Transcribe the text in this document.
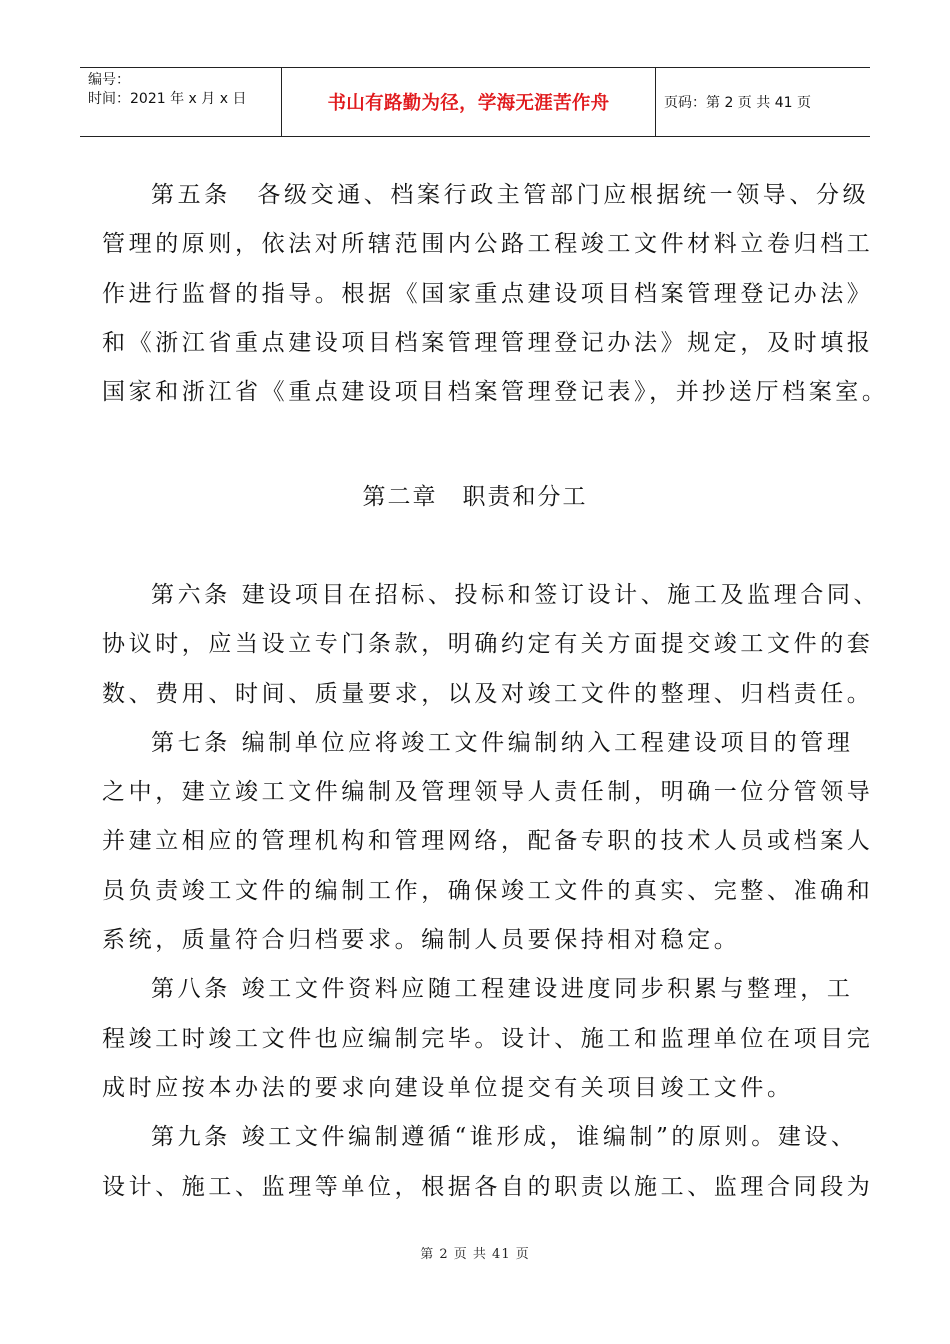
编号：
时间：2021 年 x 月 x 日	书山有路勤为径，学海无涯苦作舟	页码：第 2 页 共 41 页
第五条　各级交通、档案行政主管部门应根据统一领导、分级
管理的原则，依法对所辖范围内公路工程竣工文件材料立卷归档工
作进行监督的指导。根据《国家重点建设项目档案管理登记办法》
和《浙江省重点建设项目档案管理管理登记办法》规定，及时填报
国家和浙江省《重点建设项目档案管理登记表》，并抄送厅档案室。
第二章　职责和分工
第六条 建设项目在招标、投标和签订设计、施工及监理合同、
协议时，应当设立专门条款，明确约定有关方面提交竣工文件的套
数、费用、时间、质量要求，以及对竣工文件的整理、归档责任。
第七条 编制单位应将竣工文件编制纳入工程建设项目的管理
之中，建立竣工文件编制及管理领导人责任制，明确一位分管领导
并建立相应的管理机构和管理网络，配备专职的技术人员或档案人
员负责竣工文件的编制工作，确保竣工文件的真实、完整、准确和
系统，质量符合归档要求。编制人员要保持相对稳定。
第八条 竣工文件资料应随工程建设进度同步积累与整理，工
程竣工时竣工文件也应编制完毕。设计、施工和监理单位在项目完
成时应按本办法的要求向建设单位提交有关项目竣工文件。
第九条 竣工文件编制遵循“谁形成，谁编制”的原则。建设、
设计、施工、监理等单位，根据各自的职责以施工、监理合同段为
第 2 页 共 41 页
